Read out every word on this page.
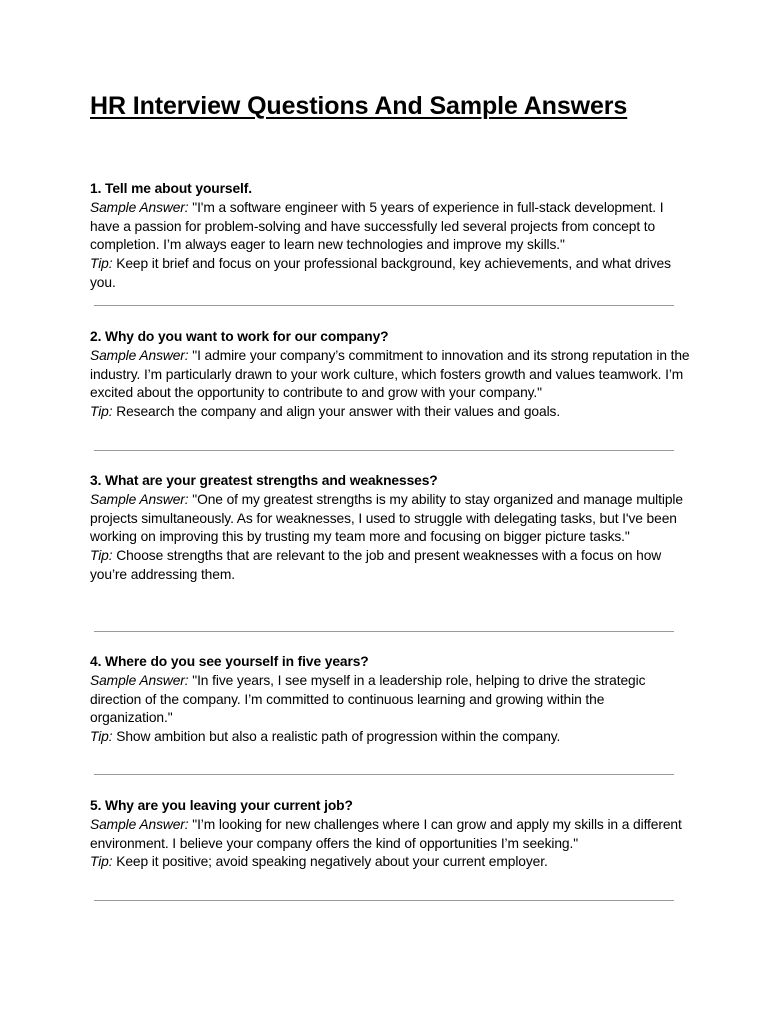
HR Interview Questions And Sample Answers

1. Tell me about yourself.

Sample Answer: "I'm a software engineer with 5 years of experience in full-stack development. I have a passion for problem-solving and have successfully led several projects from concept to completion. I’m always eager to learn new technologies and improve my skills."

Tip: Keep it brief and focus on your professional background, key achievements, and what drives you.

2. Why do you want to work for our company?

Sample Answer: "I admire your company’s commitment to innovation and its strong reputation in the industry. I’m particularly drawn to your work culture, which fosters growth and values teamwork. I’m excited about the opportunity to contribute to and grow with your company."

Tip: Research the company and align your answer with their values and goals.

3. What are your greatest strengths and weaknesses?

Sample Answer: "One of my greatest strengths is my ability to stay organized and manage multiple projects simultaneously. As for weaknesses, I used to struggle with delegating tasks, but I've been working on improving this by trusting my team more and focusing on bigger picture tasks."

Tip: Choose strengths that are relevant to the job and present weaknesses with a focus on how you’re addressing them.

4. Where do you see yourself in five years?

Sample Answer: "In five years, I see myself in a leadership role, helping to drive the strategic direction of the company. I’m committed to continuous learning and growing within the organization."

Tip: Show ambition but also a realistic path of progression within the company.

5. Why are you leaving your current job?

Sample Answer: "I’m looking for new challenges where I can grow and apply my skills in a different environment. I believe your company offers the kind of opportunities I’m seeking."

Tip: Keep it positive; avoid speaking negatively about your current employer.
